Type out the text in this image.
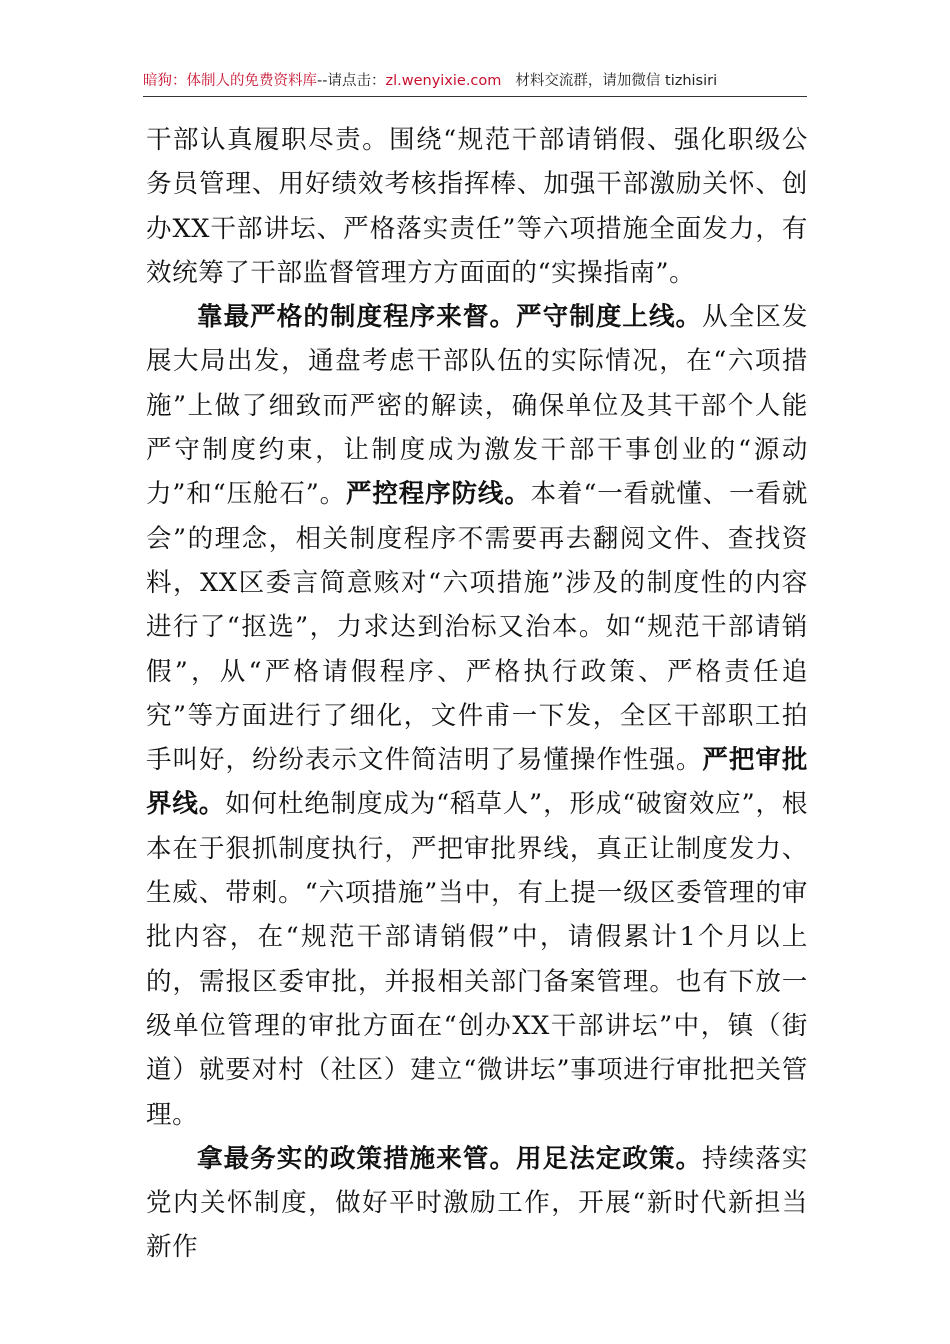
暗狗：体制人的免费资料库--请点击：zl.wenyixie.com 材料交流群，请加微信 tizhisiri

干部认真履职尽责。围绕“规范干部请销假、强化职级公务员管理、用好绩效考核指挥棒、加强干部激励关怀、创办XX干部讲坛、严格落实责任”等六项措施全面发力，有效统筹了干部监督管理方方面面的“实操指南”。

靠最严格的制度程序来督。严守制度上线。从全区发展大局出发，通盘考虑干部队伍的实际情况，在“六项措施”上做了细致而严密的解读，确保单位及其干部个人能严守制度约束，让制度成为激发干部干事创业的“源动力”和“压舱石”。严控程序防线。本着“一看就懂、一看就会”的理念，相关制度程序不需要再去翻阅文件、查找资料，XX区委言简意赅对“六项措施”涉及的制度性的内容进行了“抠选”，力求达到治标又治本。如“规范干部请销假”，从“严格请假程序、严格执行政策、严格责任追究”等方面进行了细化，文件甫一下发，全区干部职工拍手叫好，纷纷表示文件简洁明了易懂操作性强。严把审批界线。如何杜绝制度成为“稻草人”，形成“破窗效应”，根本在于狠抓制度执行，严把审批界线，真正让制度发力、生威、带刺。“六项措施”当中，有上提一级区委管理的审批内容，在“规范干部请销假”中，请假累计1个月以上的，需报区委审批，并报相关部门备案管理。也有下放一级单位管理的审批方面在“创办XX干部讲坛”中，镇（街道）就要对村（社区）建立“微讲坛”事项进行审批把关管理。

拿最务实的政策措施来管。用足法定政策。持续落实党内关怀制度，做好平时激励工作，开展“新时代新担当新作
